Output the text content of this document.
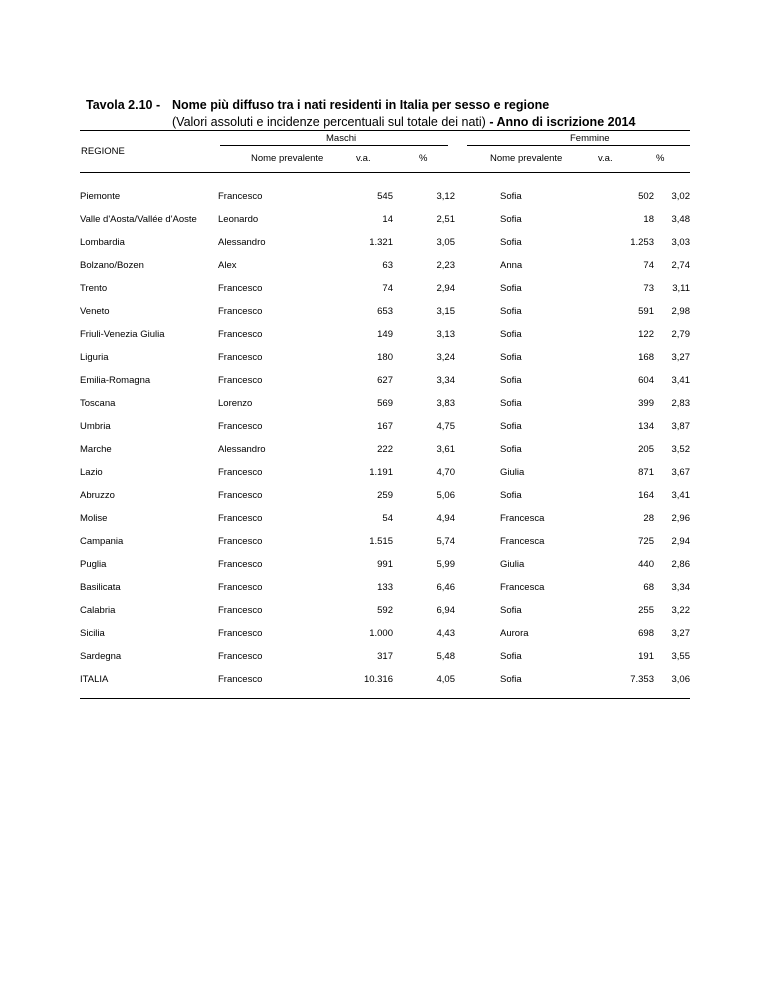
Tavola 2.10 - Nome più diffuso tra i nati residenti in Italia per sesso e regione
(Valori assoluti e incidenze percentuali sul totale dei nati) - Anno di iscrizione 2014
Maschi	Femmine
REGIONE
Nome prevalente	v.a.	%	Nome prevalente	v.a.	%
Piemonte	Francesco	545	3,12		Sofia	502	3,02
Valle d'Aosta/Vallée d'Aoste	Leonardo	14	2,51		Sofia	18	3,48
Lombardia	Alessandro	1.321	3,05		Sofia	1.253	3,03
Bolzano/Bozen	Alex	63	2,23		Anna	74	2,74
Trento	Francesco	74	2,94		Sofia	73	3,11
Veneto	Francesco	653	3,15		Sofia	591	2,98
Friuli-Venezia Giulia	Francesco	149	3,13		Sofia	122	2,79
Liguria	Francesco	180	3,24		Sofia	168	3,27
Emilia-Romagna	Francesco	627	3,34		Sofia	604	3,41
Toscana	Lorenzo	569	3,83		Sofia	399	2,83
Umbria	Francesco	167	4,75		Sofia	134	3,87
Marche	Alessandro	222	3,61		Sofia	205	3,52
Lazio	Francesco	1.191	4,70		Giulia	871	3,67
Abruzzo	Francesco	259	5,06		Sofia	164	3,41
Molise	Francesco	54	4,94		Francesca	28	2,96
Campania	Francesco	1.515	5,74		Francesca	725	2,94
Puglia	Francesco	991	5,99		Giulia	440	2,86
Basilicata	Francesco	133	6,46		Francesca	68	3,34
Calabria	Francesco	592	6,94		Sofia	255	3,22
Sicilia	Francesco	1.000	4,43		Aurora	698	3,27
Sardegna	Francesco	317	5,48		Sofia	191	3,55
ITALIA	Francesco	10.316	4,05		Sofia	7.353	3,06
